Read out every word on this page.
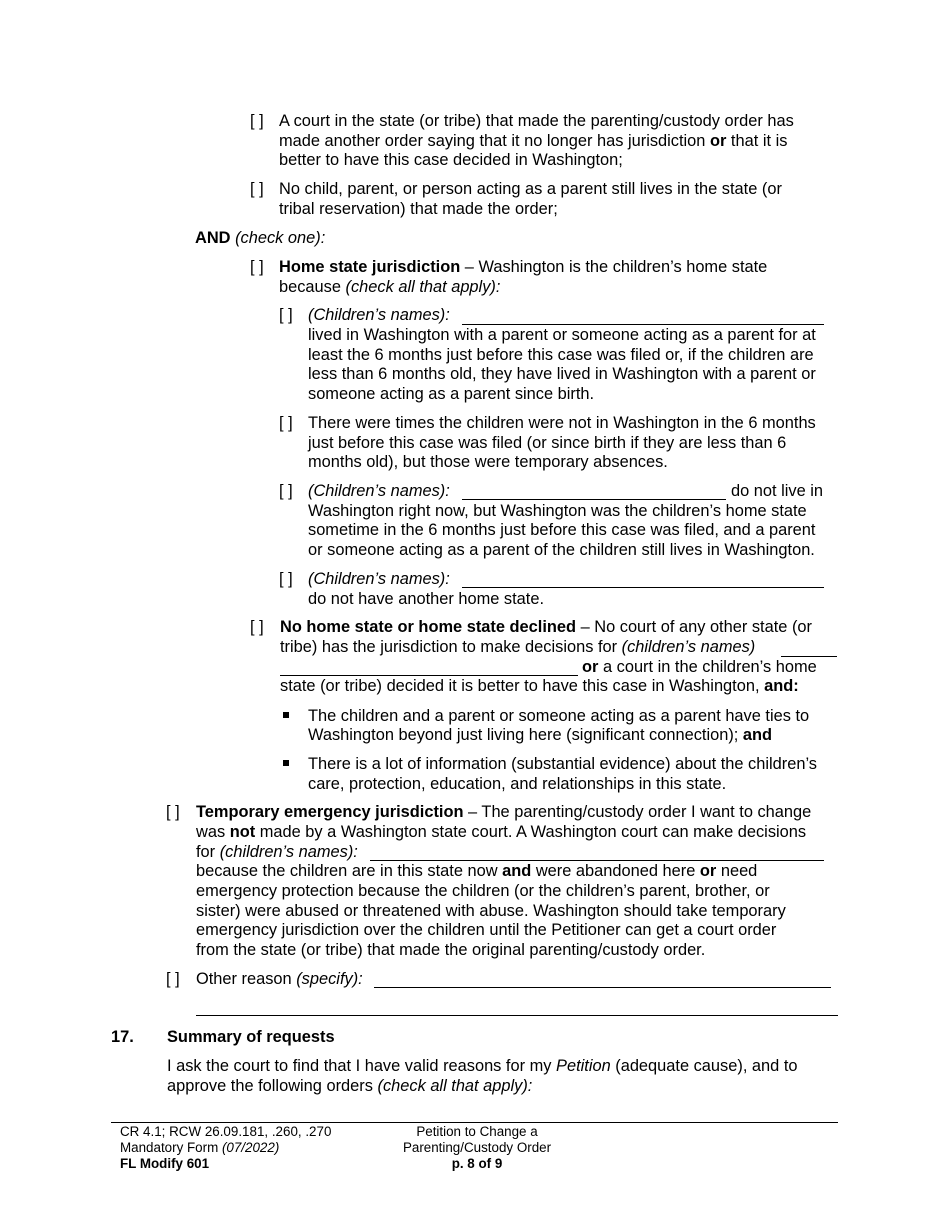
[ ] A court in the state (or tribe) that made the parenting/custody order has
made another order saying that it no longer has jurisdiction or that it is
better to have this case decided in Washington;
[ ] No child, parent, or person acting as a parent still lives in the state (or
tribal reservation) that made the order;
AND (check one):
[ ] Home state jurisdiction – Washington is the children’s home state
because (check all that apply):
[ ] (Children’s names):
lived in Washington with a parent or someone acting as a parent for at
least the 6 months just before this case was filed or, if the children are
less than 6 months old, they have lived in Washington with a parent or
someone acting as a parent since birth.
[ ] There were times the children were not in Washington in the 6 months
just before this case was filed (or since birth if they are less than 6
months old), but those were temporary absences.
[ ] (Children’s names):	do not live in
Washington right now, but Washington was the children’s home state
sometime in the 6 months just before this case was filed, and a parent
or someone acting as a parent of the children still lives in Washington.
[ ] (Children’s names):
do not have another home state.
[ ] No home state or home state declined – No court of any other state (or
tribe) has the jurisdiction to make decisions for (children’s names)
or a court in the children’s home
state (or tribe) decided it is better to have this case in Washington, and:
The children and a parent or someone acting as a parent have ties to
Washington beyond just living here (significant connection); and
There is a lot of information (substantial evidence) about the children’s
care, protection, education, and relationships in this state.
[ ] Temporary emergency jurisdiction – The parenting/custody order I want to change
was not made by a Washington state court. A Washington court can make decisions
for (children’s names):
because the children are in this state now and were abandoned here or need
emergency protection because the children (or the children’s parent, brother, or
sister) were abused or threatened with abuse. Washington should take temporary
emergency jurisdiction over the children until the Petitioner can get a court order
from the state (or tribe) that made the original parenting/custody order.
[ ] Other reason (specify):
17. Summary of requests
I ask the court to find that I have valid reasons for my Petition (adequate cause), and to
approve the following orders (check all that apply):
CR 4.1; RCW 26.09.181, .260, .270
Mandatory Form (07/2022)
FL Modify 601
Petition to Change a
Parenting/Custody Order
p. 8 of 9
